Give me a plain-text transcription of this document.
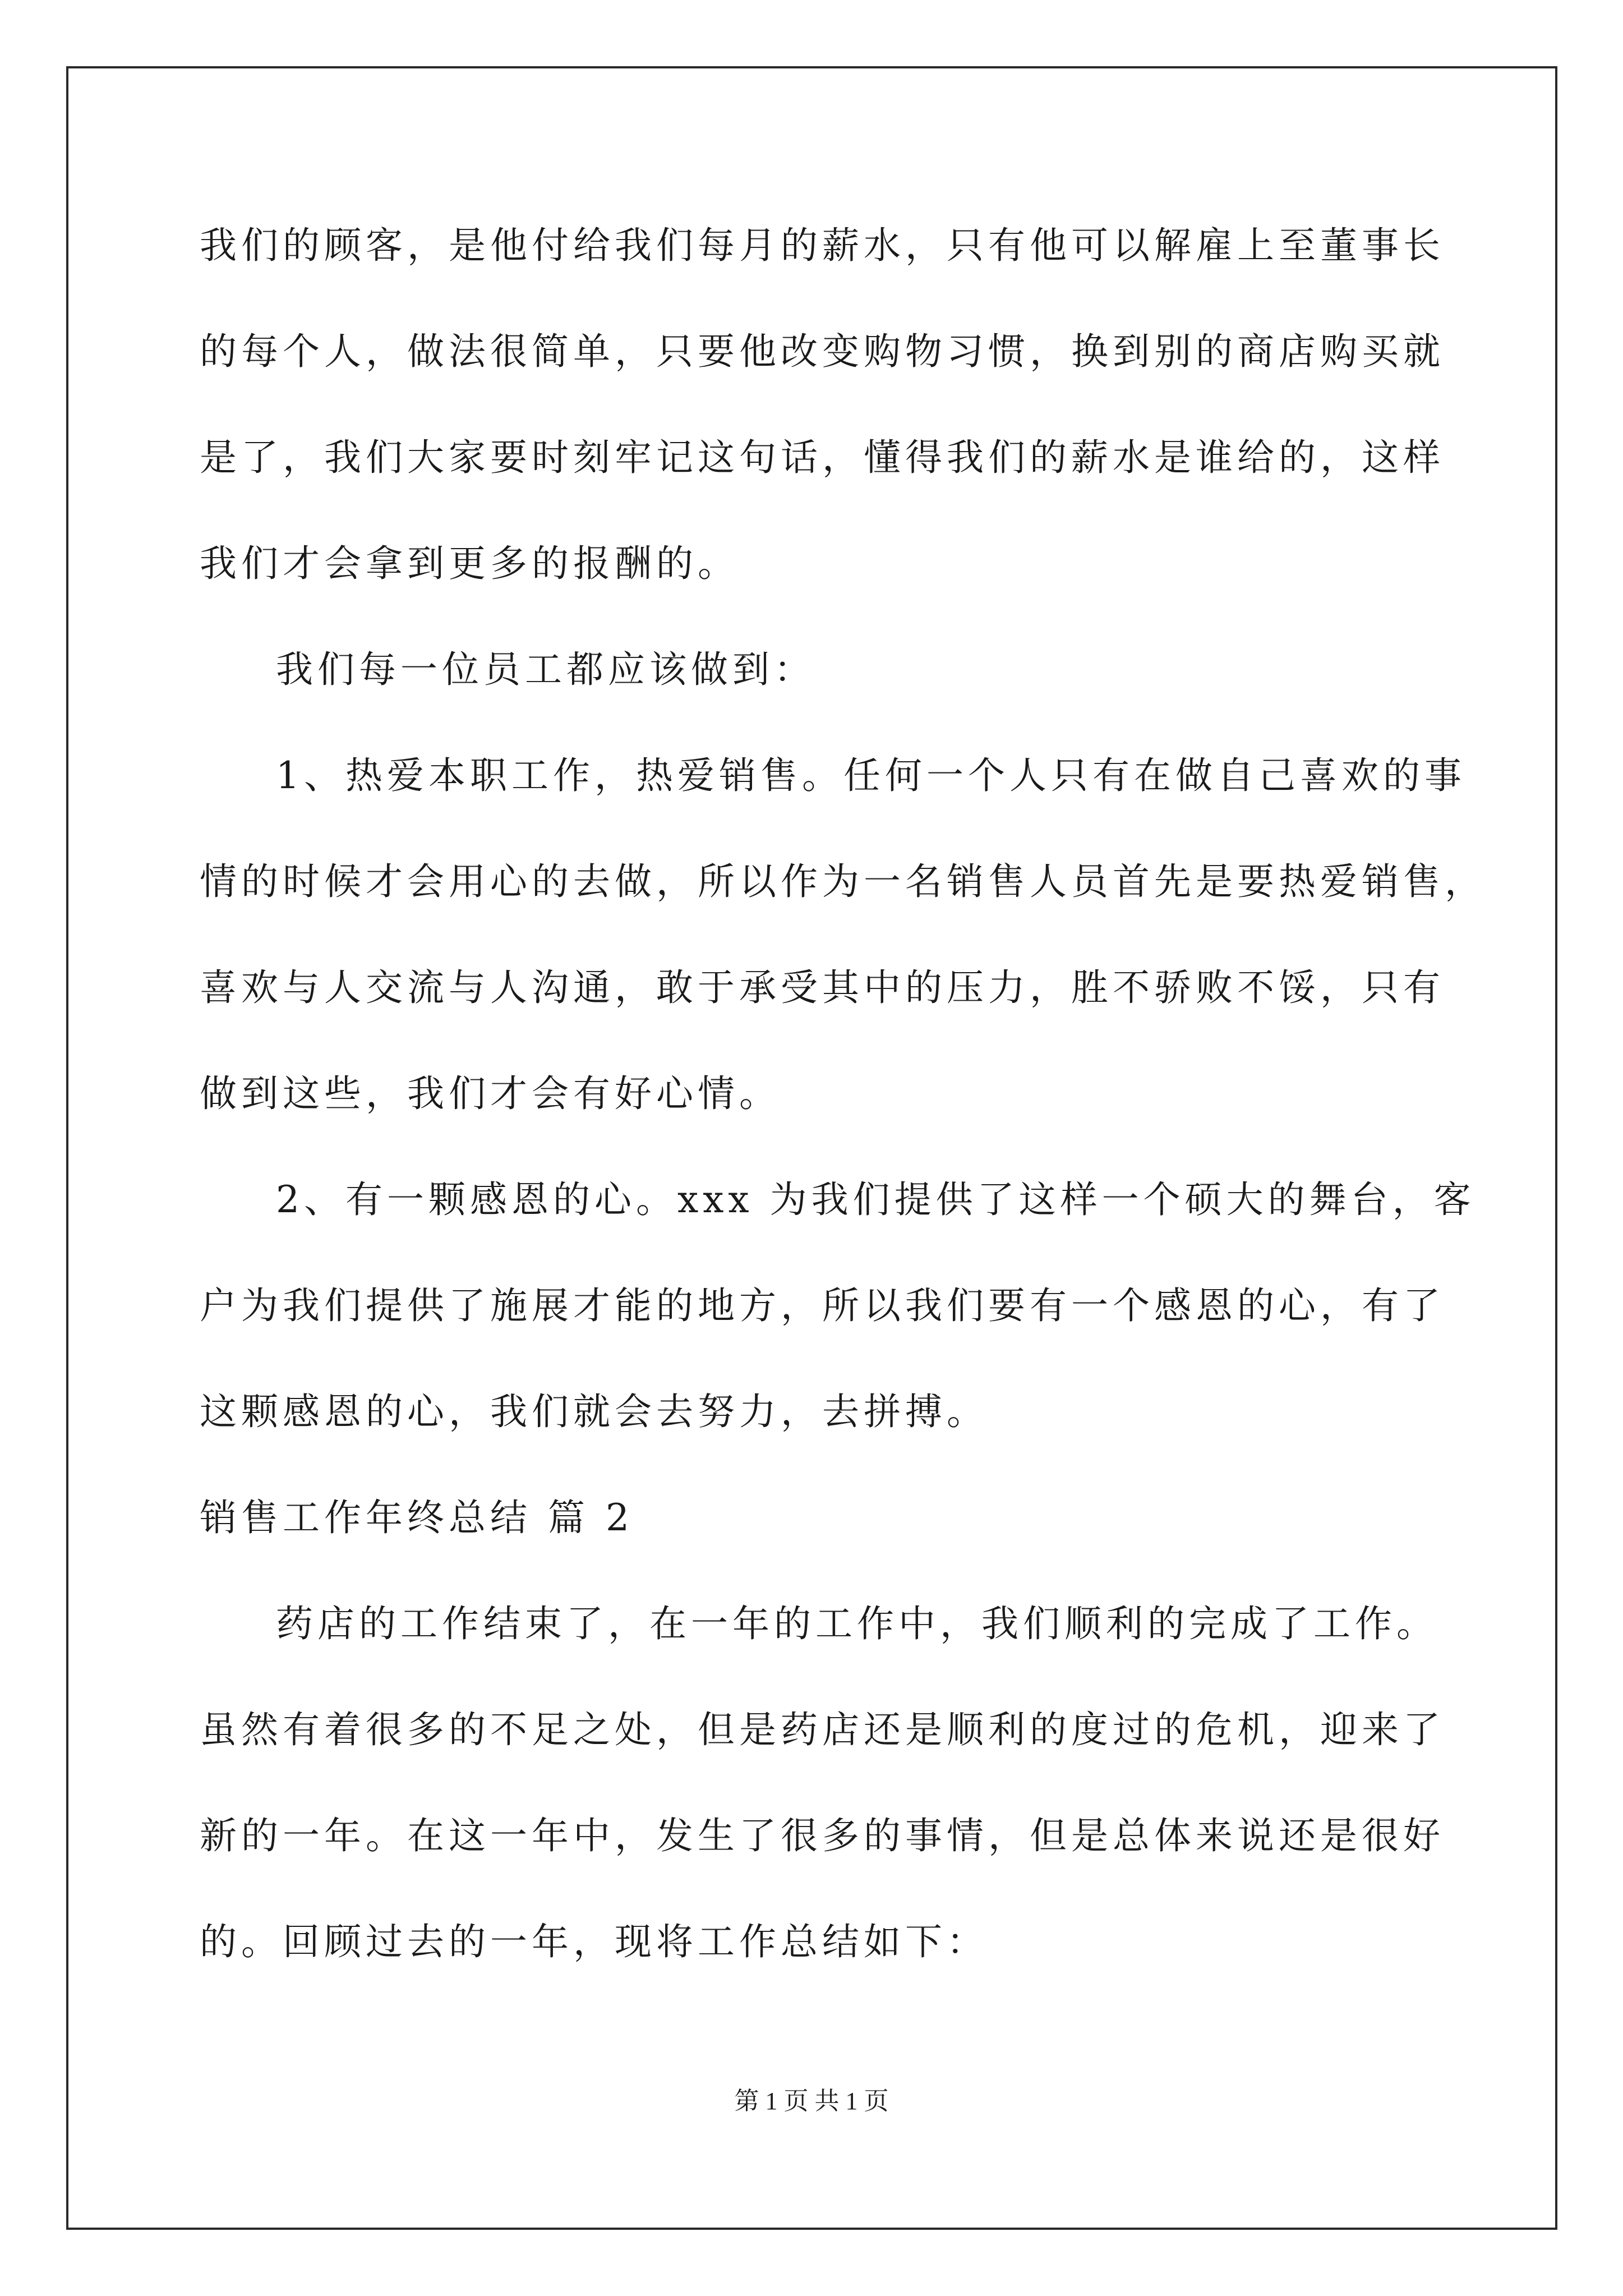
我们的顾客，是他付给我们每月的薪水，只有他可以解雇上至董事长
的每个人，做法很简单，只要他改变购物习惯，换到别的商店购买就
是了，我们大家要时刻牢记这句话，懂得我们的薪水是谁给的，这样
我们才会拿到更多的报酬的。
我们每一位员工都应该做到：
1、热爱本职工作，热爱销售。任何一个人只有在做自己喜欢的事
情的时候才会用心的去做，所以作为一名销售人员首先是要热爱销售，
喜欢与人交流与人沟通，敢于承受其中的压力，胜不骄败不馁，只有
做到这些，我们才会有好心情。
2、有一颗感恩的心。xxx 为我们提供了这样一个硕大的舞台，客
户为我们提供了施展才能的地方，所以我们要有一个感恩的心，有了
这颗感恩的心，我们就会去努力，去拼搏。
销售工作年终总结 篇 2
药店的工作结束了，在一年的工作中，我们顺利的完成了工作。
虽然有着很多的不足之处，但是药店还是顺利的度过的危机，迎来了
新的一年。在这一年中，发生了很多的事情，但是总体来说还是很好
的。回顾过去的一年，现将工作总结如下：
第 1 页 共 1 页
